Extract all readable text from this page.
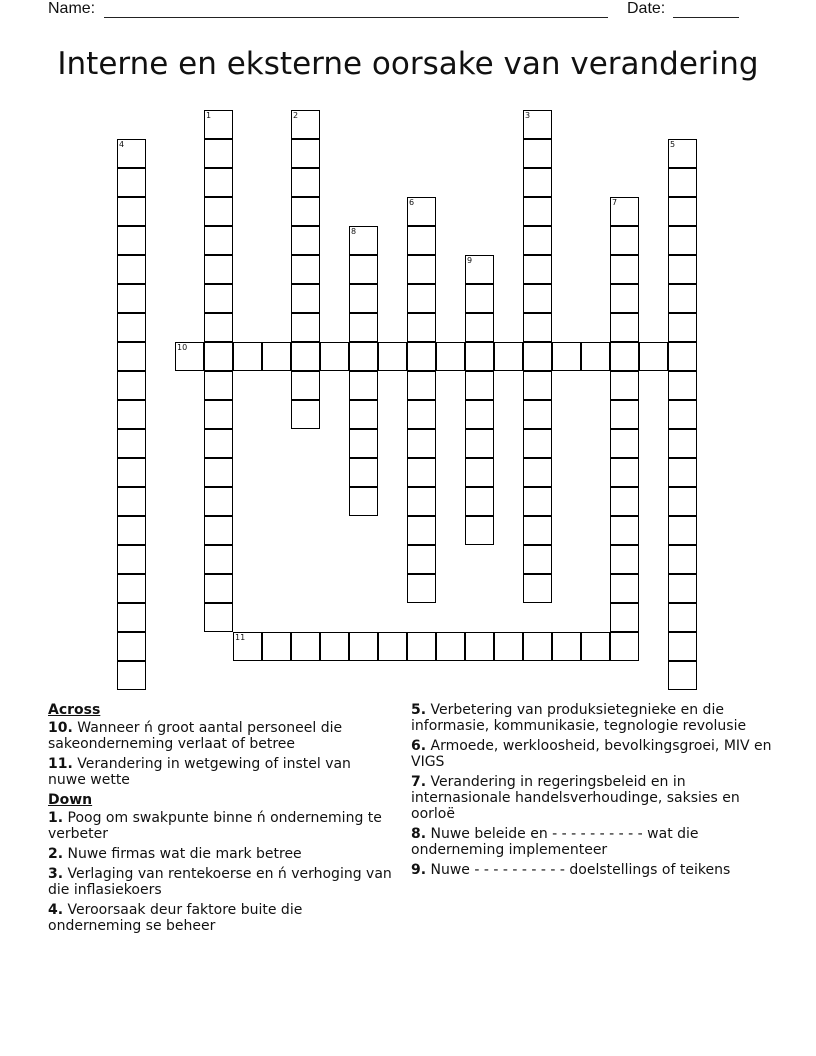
Name:	Date:
Interne en eksterne oorsake van verandering
1	2	3
4	5
6	7
8
9
10
11
Across
10. Wanneer ń groot aantal personeel die sakeonderneming verlaat of betree
11. Verandering in wetgewing of instel van nuwe wette
Down
1. Poog om swakpunte binne ń onderneming te verbeter
2. Nuwe firmas wat die mark betree
3. Verlaging van rentekoerse en ń verhoging van die inflasiekoers
4. Veroorsaak deur faktore buite die onderneming se beheer
5. Verbetering van produksietegnieke en die informasie, kommunikasie, tegnologie revolusie
6. Armoede, werkloosheid, bevolkingsgroei, MIV en VIGS
7. Verandering in regeringsbeleid en in internasionale handelsverhoudinge, saksies en oorloë
8. Nuwe beleide en - - - - - - - - - - wat die onderneming implementeer
9. Nuwe - - - - - - - - - - doelstellings of teikens
